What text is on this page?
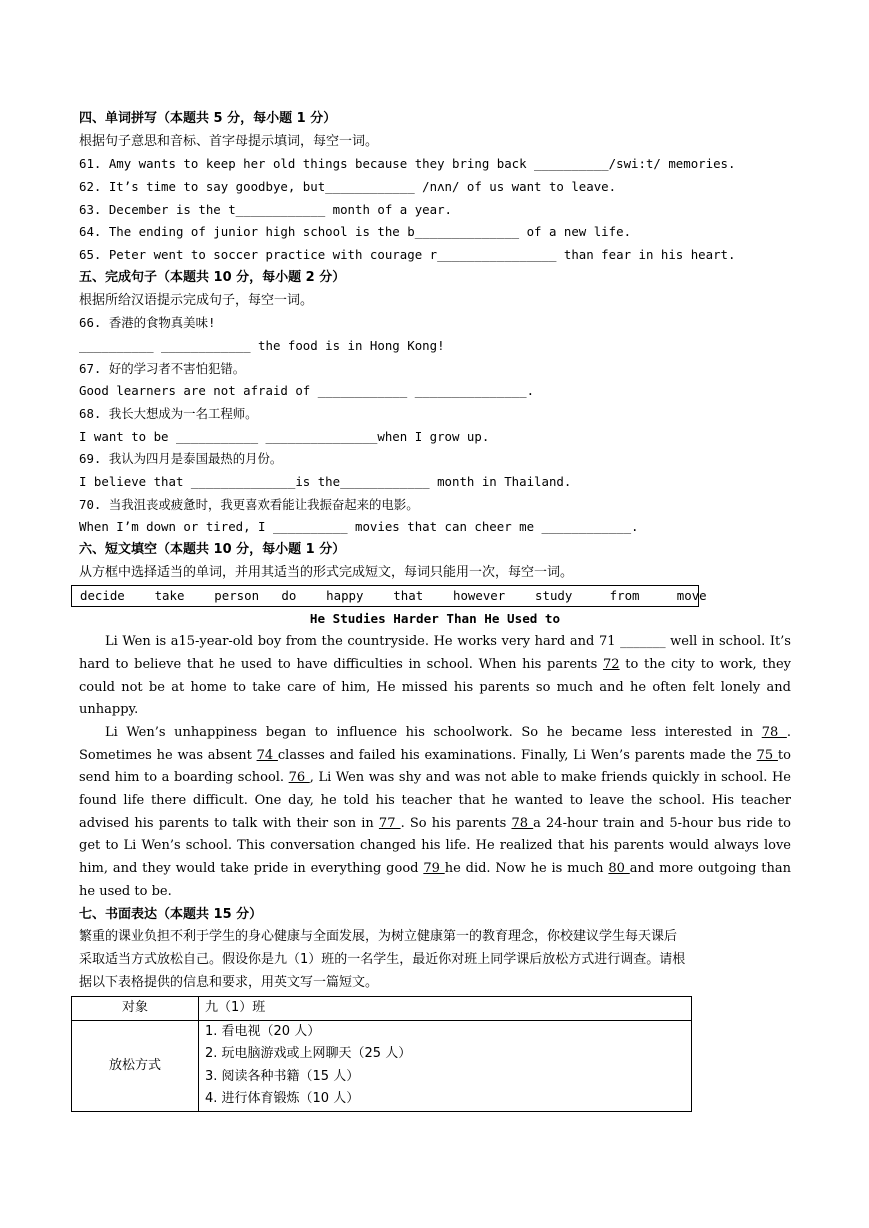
四、单词拼写（本题共 5 分，每小题 1 分）
根据句子意思和音标、首字母提示填词，每空一词。
61. Amy wants to keep her old things because they bring back __________/swi:t/ memories.
62. It’s time to say goodbye, but____________ /nʌn/ of us want to leave.
63. December is the t____________ month of a year.
64. The ending of junior high school is the b______________ of a new life.
65. Peter went to soccer practice with courage r________________ than fear in his heart.
五、完成句子（本题共 10 分，每小题 2 分）
根据所给汉语提示完成句子，每空一词。
66. 香港的食物真美味!
__________ ____________ the food is in Hong Kong!
67. 好的学习者不害怕犯错。
Good learners are not afraid of ____________ _______________.
68. 我长大想成为一名工程师。
I want to be ___________ _______________when I grow up.
69. 我认为四月是泰国最热的月份。
I believe that ______________is the____________ month in Thailand.
70. 当我沮丧或疲惫时，我更喜欢看能让我振奋起来的电影。
When I’m down or tired, I __________ movies that can cheer me ____________.
六、短文填空（本题共 10 分，每小题 1 分）
从方框中选择适当的单词，并用其适当的形式完成短文，每词只能用一次，每空一词。
decide    take    person   do    happy    that    however    study     from     move
He Studies Harder Than He Used to

Li Wen is a15-year-old boy from the countryside. He works very hard and 71 _______ well in school. It’s hard to believe that he used to have difficulties in school. When his parents 72 to the city to work, they could not be at home to take care of him, He missed his parents so much and he often felt lonely and unhappy.

Li Wen’s unhappiness began to influence his schoolwork. So he became less interested in 78 . Sometimes he was absent 74 classes and failed his examinations. Finally, Li Wen’s parents made the 75 to send him to a boarding school. 76 , Li Wen was shy and was not able to make friends quickly in school. He found life there difficult. One day, he told his teacher that he wanted to leave the school. His teacher advised his parents to talk with their son in 77 . So his parents 78 a 24-hour train and 5-hour bus ride to get to Li Wen’s school. This conversation changed his life. He realized that his parents would always love him, and they would take pride in everything good 79 he did. Now he is much 80 and more outgoing than he used to be.

七、书面表达（本题共 15 分）
繁重的课业负担不利于学生的身心健康与全面发展，为树立健康第一的教育理念，你校建议学生每天课后
采取适当方式放松自己。假设你是九（1）班的一名学生，最近你对班上同学课后放松方式进行调查。请根
据以下表格提供的信息和要求，用英文写一篇短文。
对象	九（1）班
放松方式	1. 看电视（20 人）
2. 玩电脑游戏或上网聊天（25 人）
3. 阅读各种书籍（15 人）
4. 进行体育锻炼（10 人）
